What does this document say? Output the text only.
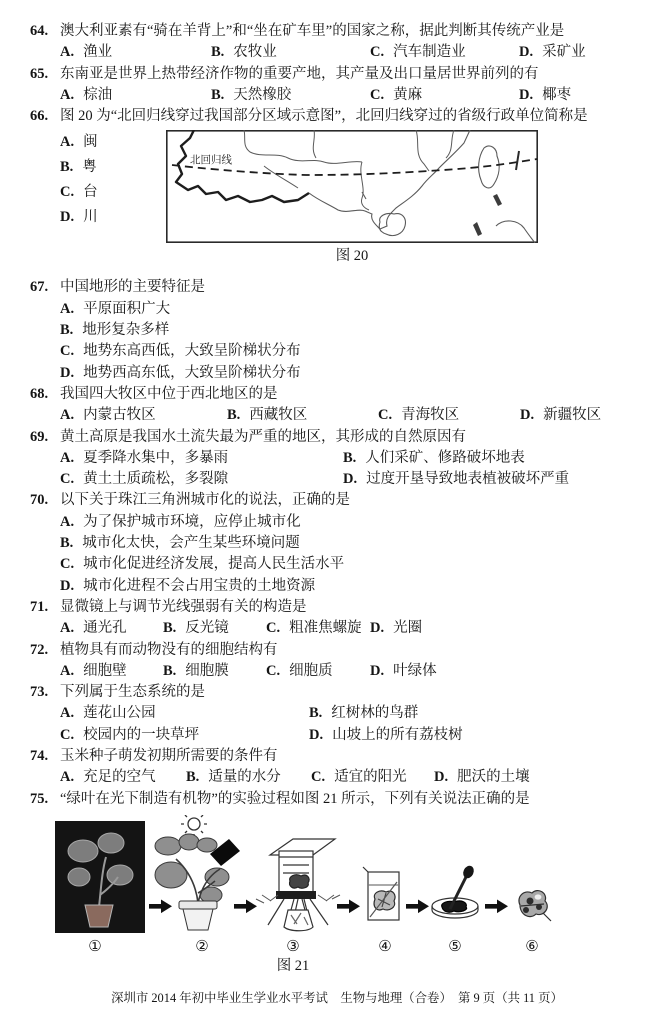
64. 澳大利亚素有“骑在羊背上”和“坐在矿车里”的国家之称，据此判断其传统产业是
A. 渔业	B. 农牧业	C. 汽车制造业	D. 采矿业
65. 东南亚是世界上热带经济作物的重要产地，其产量及出口量居世界前列的有
A. 棕油	B. 天然橡胶	C. 黄麻	D. 椰枣
66. 图 20 为“北回归线穿过我国部分区域示意图”，北回归线穿过的省级行政单位简称是
A. 闽
B. 粤
C. 台
D. 川
北回归线
图 20
67. 中国地形的主要特征是
A. 平原面积广大
B. 地形复杂多样
C. 地势东高西低，大致呈阶梯状分布
D. 地势西高东低，大致呈阶梯状分布
68. 我国四大牧区中位于西北地区的是
A. 内蒙古牧区	B. 西藏牧区	C. 青海牧区	D. 新疆牧区
69. 黄土高原是我国水土流失最为严重的地区，其形成的自然原因有
A. 夏季降水集中，多暴雨	B. 人们采矿、修路破坏地表
C. 黄土土质疏松，多裂隙	D. 过度开垦导致地表植被破坏严重
70. 以下关于珠江三角洲城市化的说法，正确的是
A. 为了保护城市环境，应停止城市化
B. 城市化太快，会产生某些环境问题
C. 城市化促进经济发展，提高人民生活水平
D. 城市化进程不会占用宝贵的土地资源
71. 显微镜上与调节光线强弱有关的构造是
A. 通光孔	B. 反光镜	C. 粗准焦螺旋 D. 光圈
72. 植物具有而动物没有的细胞结构有
A. 细胞壁	B. 细胞膜	C. 细胞质	D. 叶绿体
73. 下列属于生态系统的是
A. 莲花山公园	B. 红树林的鸟群
C. 校园内的一块草坪	D. 山坡上的所有荔枝树
74. 玉米种子萌发初期所需要的条件有
A. 充足的空气	B. 适量的水分	C. 适宜的阳光	D. 肥沃的土壤
75. “绿叶在光下制造有机物”的实验过程如图 21 所示，下列有关说法正确的是
①	②	③	④	⑤	⑥
图 21
深圳市 2014 年初中毕业生学业水平考试　生物与地理（合卷）　第 9 页（共 11 页）
